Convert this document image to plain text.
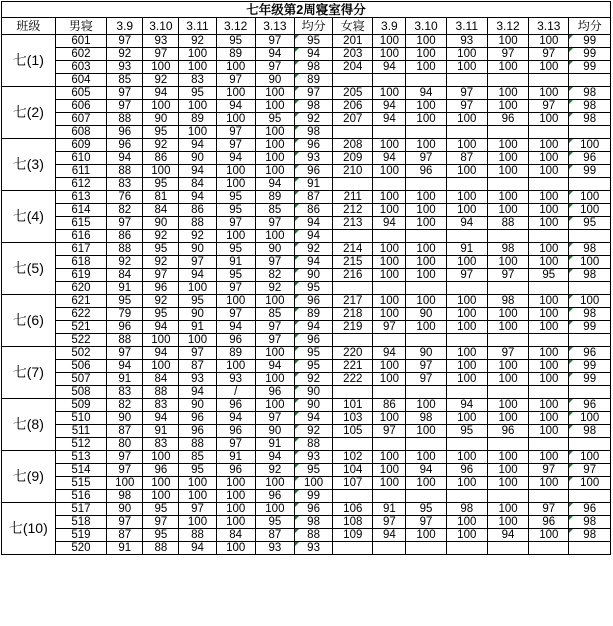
七年级第2周寝室得分														
班级	男寝	3.9	3.10	3.11	3.12	3.13	均分	女寝	3.9	3.10	3.11	3.12	3.13	均分
七(1)	601	97	93	92	95	97	95	201	100	100	93	100	100	99
	602	92	97	100	89	94	94	203	100	100	100	97	97	99
	603	93	100	100	100	97	98	204	94	100	100	100	100	99
	604	85	92	83	97	90	89							
七(2)	605	97	94	95	100	100	97	205	100	94	97	100	100	98
	606	97	100	100	94	100	98	206	94	100	97	100	97	98
	607	88	90	89	100	95	92	207	94	100	100	96	100	98
	608	96	95	100	97	100	98							
七(3)	609	96	92	94	97	100	96	208	100	100	100	100	100	100
	610	94	86	90	94	100	93	209	94	97	87	100	100	96
	611	88	100	94	100	100	96	210	100	96	100	100	100	99
	612	83	95	84	100	94	91							
七(4)	613	76	81	94	95	89	87	211	100	100	100	100	100	100
	614	82	84	86	95	85	86	212	100	100	100	100	100	100
	615	97	90	88	97	97	94	213	94	100	94	88	100	95
	616	86	92	92	100	100	94							
七(5)	617	88	95	90	95	90	92	214	100	100	91	98	100	98
	618	92	92	97	91	97	94	215	100	100	100	100	100	100
	619	84	97	94	95	82	90	216	100	100	97	97	95	98
	620	91	96	100	97	92	95							
七(6)	621	95	92	95	100	100	96	217	100	100	100	98	100	100
	622	79	95	90	97	85	89	218	100	90	100	100	100	98
	521	96	94	91	94	97	94	219	97	100	100	100	100	99
	522	88	100	100	96	97	96							
七(7)	502	97	94	97	89	100	95	220	94	90	100	97	100	96
	506	94	100	87	100	94	95	221	100	97	100	100	100	99
	507	91	84	93	93	100	92	222	100	97	100	100	100	99
	508	83	88	94	/	96	90							
七(8)	509	82	83	90	96	100	90	101	86	100	94	100	100	96
	510	90	94	96	94	97	94	103	100	98	100	100	100	100
	511	87	91	96	96	90	92	105	97	100	95	96	100	98
	512	80	83	88	97	91	88							
七(9)	513	97	100	85	91	94	93	102	100	100	100	100	100	100
	514	97	96	95	96	92	95	104	100	94	96	100	97	97
	515	100	100	100	100	100	100	107	100	100	100	100	100	100
	516	98	100	100	100	96	99							
七(10)	517	90	95	97	100	100	96	106	91	95	98	100	97	96
	518	97	97	100	100	95	98	108	97	97	100	100	96	98
	519	87	95	88	84	87	88	109	94	100	100	94	100	98
	520	91	88	94	100	93	93							
